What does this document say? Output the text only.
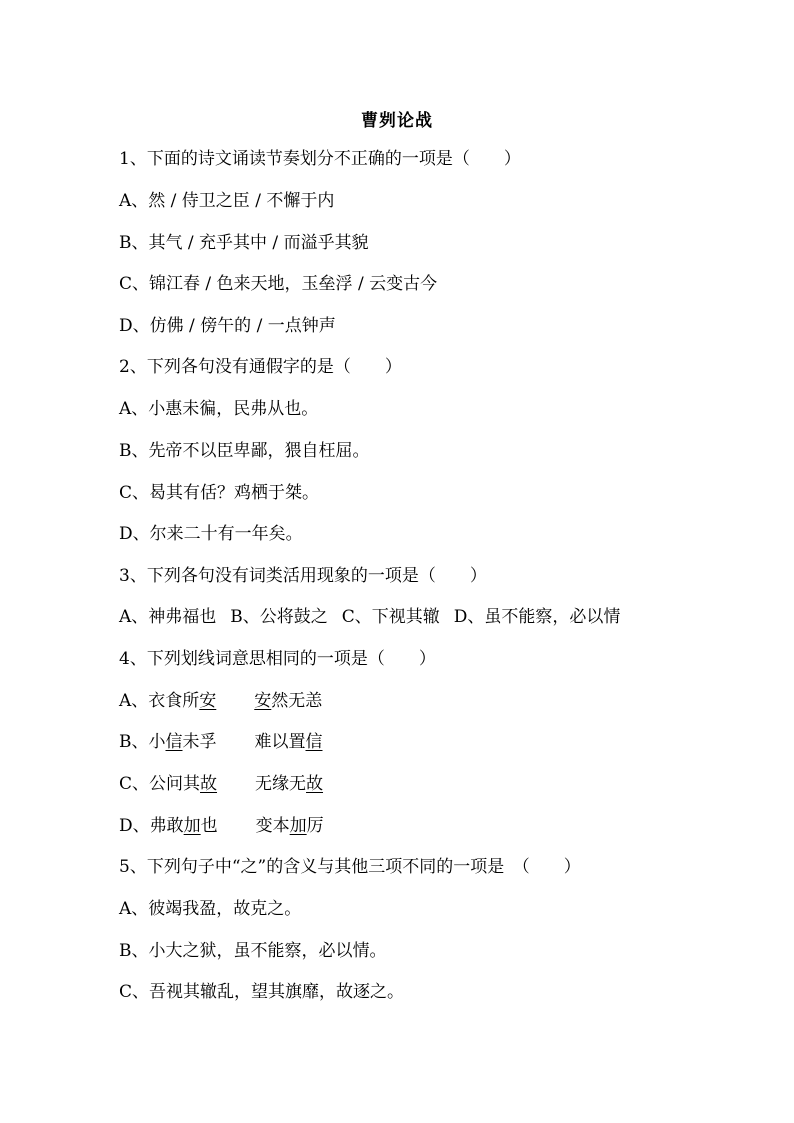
曹刿论战
1、下面的诗文诵读节奏划分不正确的一项是（　　）
A、然 / 侍卫之臣 / 不懈于内
B、其气 / 充乎其中 / 而溢乎其貌
C、锦江春 / 色来天地，玉垒浮 / 云变古今
D、仿佛 / 傍午的 / 一点钟声
2、下列各句没有通假字的是（　　）
A、小惠未徧，民弗从也。
B、先帝不以臣卑鄙，猥自枉屈。
C、曷其有佸？鸡栖于桀。
D、尔来二十有一年矣。
3、下列各句没有词类活用现象的一项是（　　）
A、神弗福也 B、公将鼓之 C、下视其辙 D、虽不能察，必以情
4、下列划线词意思相同的一项是（　　）
A、衣食所安 安然无恙
B、小信未孚 难以置信
C、公问其故 无缘无故
D、弗敢加也 变本加厉
5、下列句子中“之”的含义与其他三项不同的一项是　（　　）
A、彼竭我盈，故克之。
B、小大之狱，虽不能察，必以情。
C、吾视其辙乱，望其旗靡，故逐之。
